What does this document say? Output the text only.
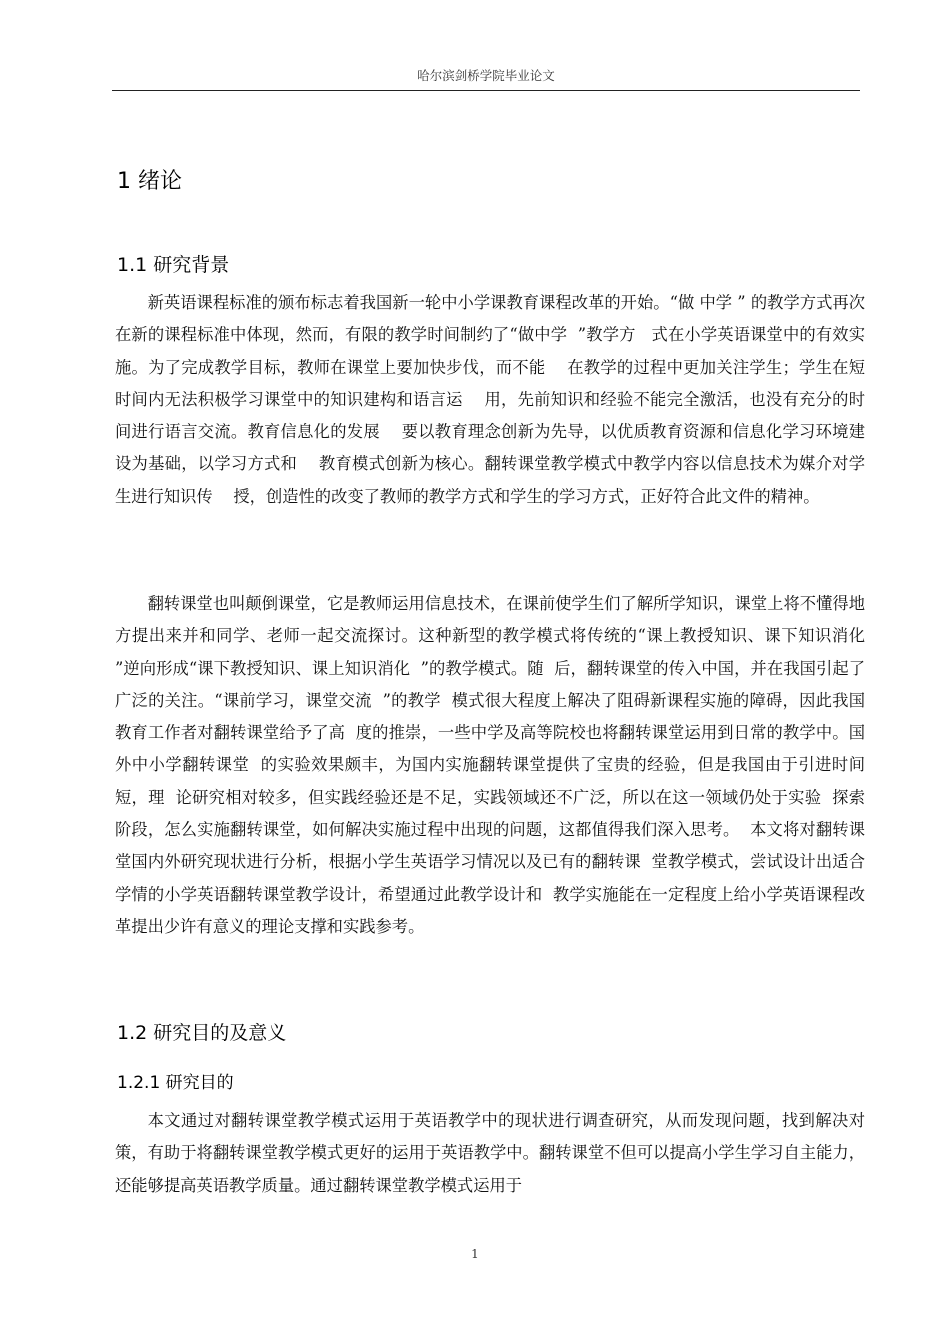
哈尔滨剑桥学院毕业论文
1 绪论
1.1 研究背景

新英语课程标准的颁布标志着我国新一轮中小学课教育课程改革的开始。“做 中学 ” 的教学方式再次在新的课程标准中体现，然而，有限的教学时间制约了“做中学  ”教学方   式在小学英语课堂中的有效实施。为了完成教学目标，教师在课堂上要加快步伐，而不能    在教学的过程中更加关注学生；学生在短时间内无法积极学习课堂中的知识建构和语言运    用，先前知识和经验不能完全激活，也没有充分的时间进行语言交流。教育信息化的发展    要以教育理念创新为先导，以优质教育资源和信息化学习环境建设为基础，以学习方式和    教育模式创新为核心。翻转课堂教学模式中教学内容以信息技术为媒介对学生进行知识传    授，创造性的改变了教师的教学方式和学生的学习方式，正好符合此文件的精神。

翻转课堂也叫颠倒课堂，它是教师运用信息技术，在课前使学生们了解所学知识，课堂上将不懂得地方提出来并和同学、老师一起交流探讨。这种新型的教学模式将传统的“课上教授知识、课下知识消化  ”逆向形成“课下教授知识、课上知识消化  ”的教学模式。随  后，翻转课堂的传入中国，并在我国引起了广泛的关注。“课前学习，课堂交流  ”的教学  模式很大程度上解决了阻碍新课程实施的障碍，因此我国教育工作者对翻转课堂给予了高  度的推崇，一些中学及高等院校也将翻转课堂运用到日常的教学中。国外中小学翻转课堂  的实验效果颇丰，为国内实施翻转课堂提供了宝贵的经验，但是我国由于引进时间短，理  论研究相对较多，但实践经验还是不足，实践领域还不广泛，所以在这一领域仍处于实验  探索阶段，怎么实施翻转课堂，如何解决实施过程中出现的问题，这都值得我们深入思考。  本文将对翻转课堂国内外研究现状进行分析，根据小学生英语学习情况以及已有的翻转课  堂教学模式，尝试设计出适合学情的小学英语翻转课堂教学设计，希望通过此教学设计和  教学实施能在一定程度上给小学英语课程改革提出少许有意义的理论支撑和实践参考。

1.2 研究目的及意义
1.2.1 研究目的

本文通过对翻转课堂教学模式运用于英语教学中的现状进行调查研究，从而发现问题，找到解决对策，有助于将翻转课堂教学模式更好的运用于英语教学中。翻转课堂不但可以提高小学生学习自主能力，还能够提高英语教学质量。通过翻转课堂教学模式运用于

1
